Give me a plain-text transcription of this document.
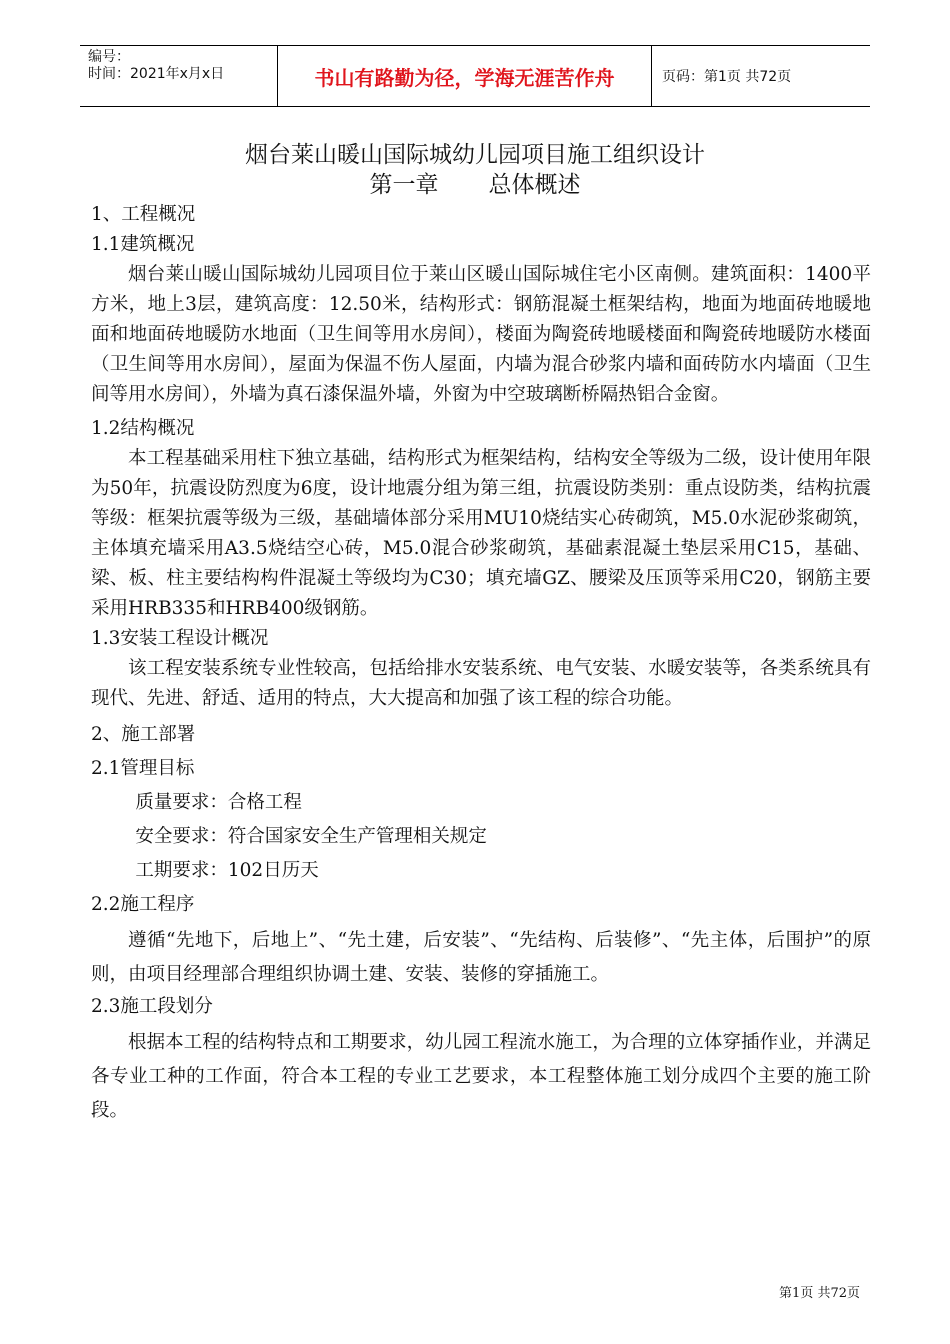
编号：
时间：2021年x月x日	书山有路勤为径，学海无涯苦作舟	页码：第1页 共72页
烟台莱山暖山国际城幼儿园项目施工组织设计
第一章 总体概述

1、工程概况

1.1建筑概况

烟台莱山暖山国际城幼儿园项目位于莱山区暖山国际城住宅小区南侧。建筑面积：1400平方米，地上3层，建筑高度：12.50米，结构形式：钢筋混凝土框架结构，地面为地面砖地暖地面和地面砖地暖防水地面（卫生间等用水房间），楼面为陶瓷砖地暖楼面和陶瓷砖地暖防水楼面（卫生间等用水房间），屋面为保温不伤人屋面，内墙为混合砂浆内墙和面砖防水内墙面（卫生间等用水房间），外墙为真石漆保温外墙，外窗为中空玻璃断桥隔热铝合金窗。

1.2结构概况

本工程基础采用柱下独立基础，结构形式为框架结构，结构安全等级为二级，设计使用年限为50年，抗震设防烈度为6度，设计地震分组为第三组，抗震设防类别：重点设防类，结构抗震等级：框架抗震等级为三级，基础墙体部分采用MU10烧结实心砖砌筑，M5.0水泥砂浆砌筑，主体填充墙采用A3.5烧结空心砖，M5.0混合砂浆砌筑，基础素混凝土垫层采用C15，基础、梁、板、柱主要结构构件混凝土等级均为C30；填充墙GZ、腰梁及压顶等采用C20，钢筋主要采用HRB335和HRB400级钢筋。

1.3安装工程设计概况

该工程安装系统专业性较高，包括给排水安装系统、电气安装、水暖安装等，各类系统具有现代、先进、舒适、适用的特点，大大提高和加强了该工程的综合功能。

2、施工部署

2.1管理目标

质量要求：合格工程

安全要求：符合国家安全生产管理相关规定

工期要求：102日历天

2.2施工程序

遵循“先地下，后地上”、“先土建，后安装”、“先结构、后装修”、“先主体，后围护”的原则，由项目经理部合理组织协调土建、安装、装修的穿插施工。

2.3施工段划分

根据本工程的结构特点和工期要求，幼儿园工程流水施工，为合理的立体穿插作业，并满足各专业工种的工作面，符合本工程的专业工艺要求，本工程整体施工划分成四个主要的施工阶段。

第1页 共72页
